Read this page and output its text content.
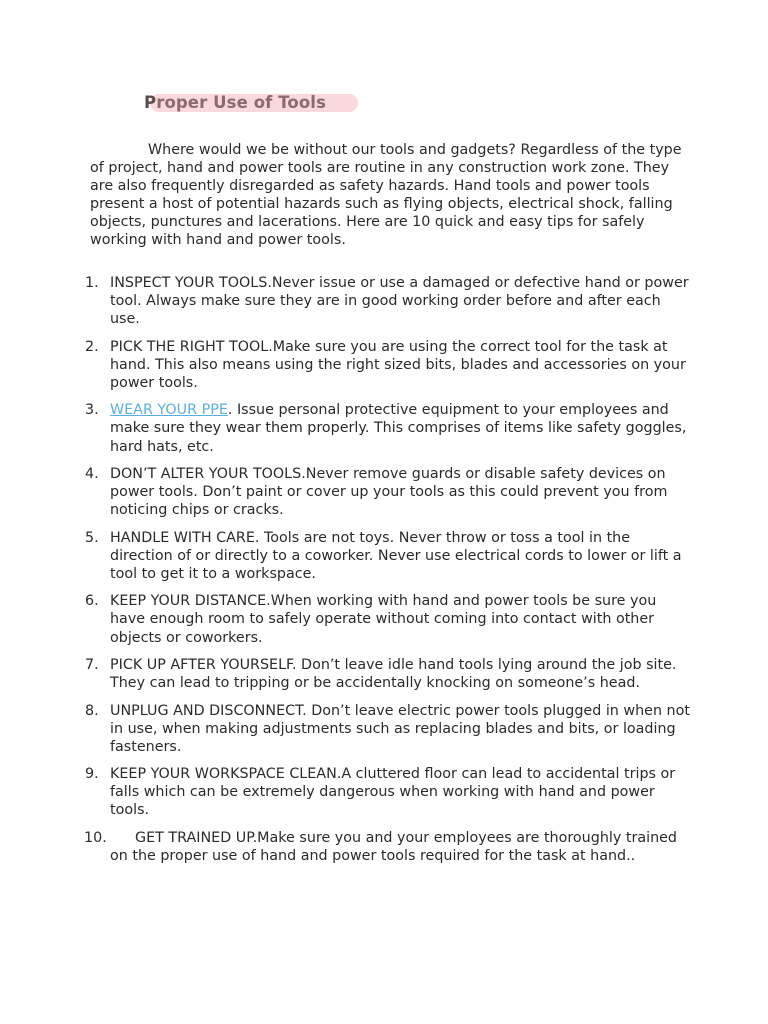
Proper Use of Tools

Where would we be without our tools and gadgets? Regardless of the type of project, hand and power tools are routine in any construction work zone. They are also frequently disregarded as safety hazards. Hand tools and power tools present a host of potential hazards such as flying objects, electrical shock, falling objects, punctures and lacerations. Here are 10 quick and easy tips for safely working with hand and power tools.

1. INSPECT YOUR TOOLS.Never issue or use a damaged or defective hand or power tool. Always make sure they are in good working order before and after each use.
2. PICK THE RIGHT TOOL.Make sure you are using the correct tool for the task at hand. This also means using the right sized bits, blades and accessories on your power tools.
3. WEAR YOUR PPE. Issue personal protective equipment to your employees and make sure they wear them properly. This comprises of items like safety goggles, hard hats, etc.
4. DON’T ALTER YOUR TOOLS.Never remove guards or disable safety devices on power tools. Don’t paint or cover up your tools as this could prevent you from noticing chips or cracks.
5. HANDLE WITH CARE. Tools are not toys. Never throw or toss a tool in the direction of or directly to a coworker. Never use electrical cords to lower or lift a tool to get it to a workspace.
6. KEEP YOUR DISTANCE.When working with hand and power tools be sure you have enough room to safely operate without coming into contact with other objects or coworkers.
7. PICK UP AFTER YOURSELF. Don’t leave idle hand tools lying around the job site. They can lead to tripping or be accidentally knocking on someone’s head.
8. UNPLUG AND DISCONNECT. Don’t leave electric power tools plugged in when not in use, when making adjustments such as replacing blades and bits, or loading fasteners.
9. KEEP YOUR WORKSPACE CLEAN.A cluttered floor can lead to accidental trips or falls which can be extremely dangerous when working with hand and power tools.
10. GET TRAINED UP.Make sure you and your employees are thoroughly trained on the proper use of hand and power tools required for the task at hand..
